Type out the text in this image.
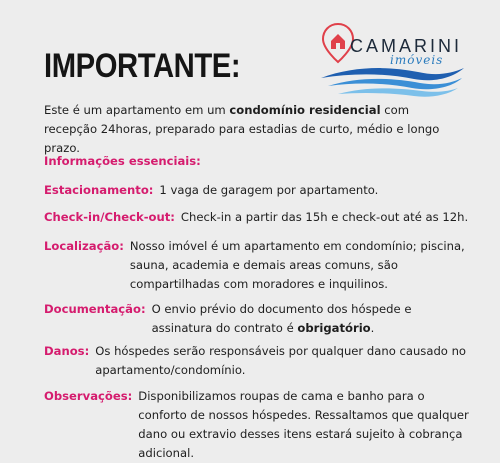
IMPORTANTE:
CAMARINI
imóveis
Este é um apartamento em um condomínio residencial com recepção 24horas, preparado para estadias de curto, médio e longo prazo.
Informações essenciais:
Estacionamento: 1 vaga de garagem por apartamento.
Check-in/Check-out: Check-in a partir das 15h e check-out até as 12h.
Localização: Nosso imóvel é um apartamento em condomínio; piscina, sauna, academia e demais areas comuns, são compartilhadas com moradores e inquilinos.
Documentação: O envio prévio do documento dos hóspede e assinatura do contrato é obrigatório.
Danos: Os hóspedes serão responsáveis por qualquer dano causado no apartamento/condomínio.
Observações: Disponibilizamos roupas de cama e banho para o conforto de nossos hóspedes. Ressaltamos que qualquer dano ou extravio desses itens estará sujeito à cobrança adicional.
